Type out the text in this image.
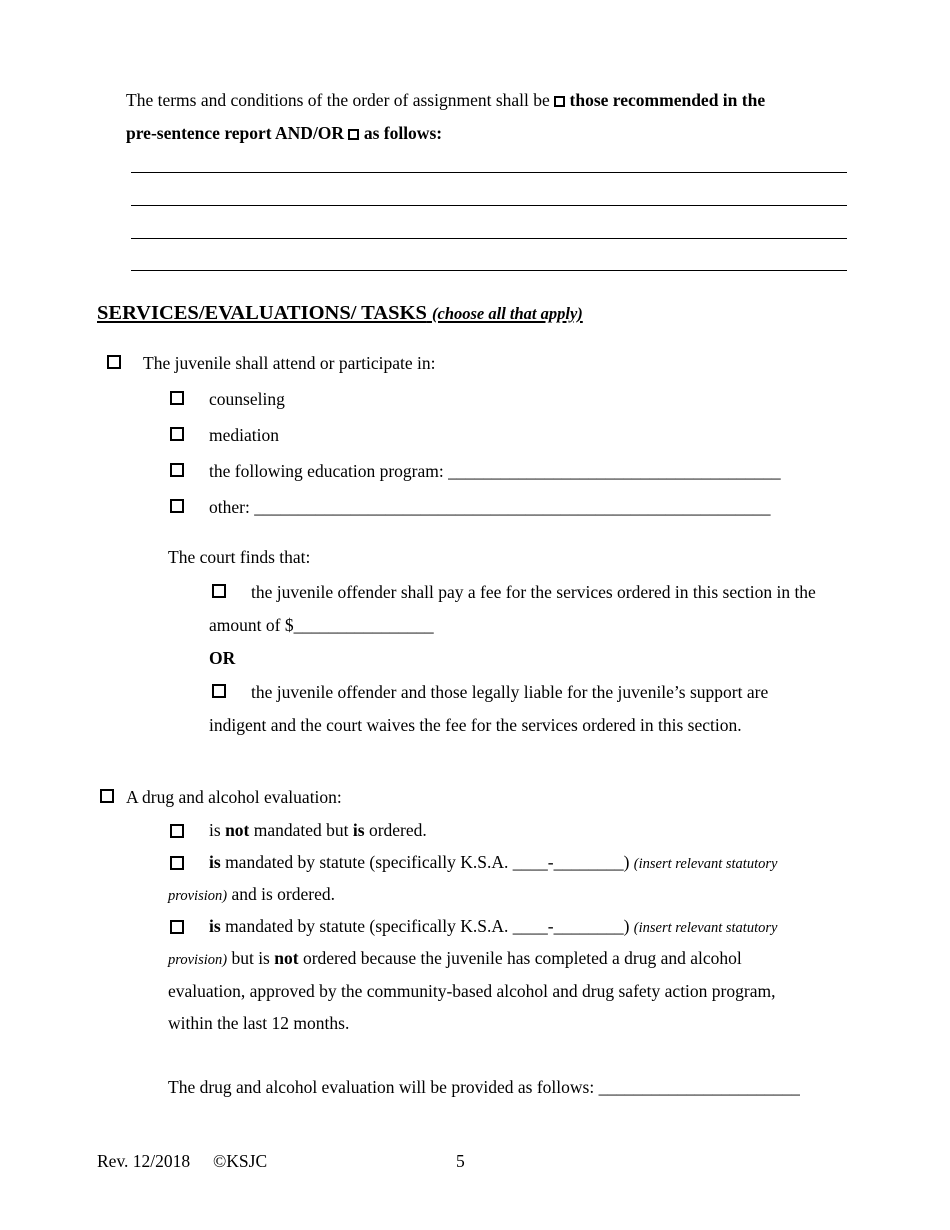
The terms and conditions of the order of assignment shall be those recommended in the
pre-sentence report AND/OR as follows:
SERVICES/EVALUATIONS/ TASKS (choose all that apply)
The juvenile shall attend or participate in:
counseling
mediation
the following education program: ______________________________________
other: ___________________________________________________________
The court finds that:
the juvenile offender shall pay a fee for the services ordered in this section in the
amount of $________________
OR
the juvenile offender and those legally liable for the juvenile’s support are
indigent and the court waives the fee for the services ordered in this section.
A drug and alcohol evaluation:
is not mandated but is ordered.
is mandated by statute (specifically K.S.A. ____-________) (insert relevant statutory
provision) and is ordered.
is mandated by statute (specifically K.S.A. ____-________) (insert relevant statutory
provision) but is not ordered because the juvenile has completed a drug and alcohol
evaluation, approved by the community-based alcohol and drug safety action program,
within the last 12 months.
The drug and alcohol evaluation will be provided as follows: _______________________
Rev. 12/2018 ©KSJC	5
